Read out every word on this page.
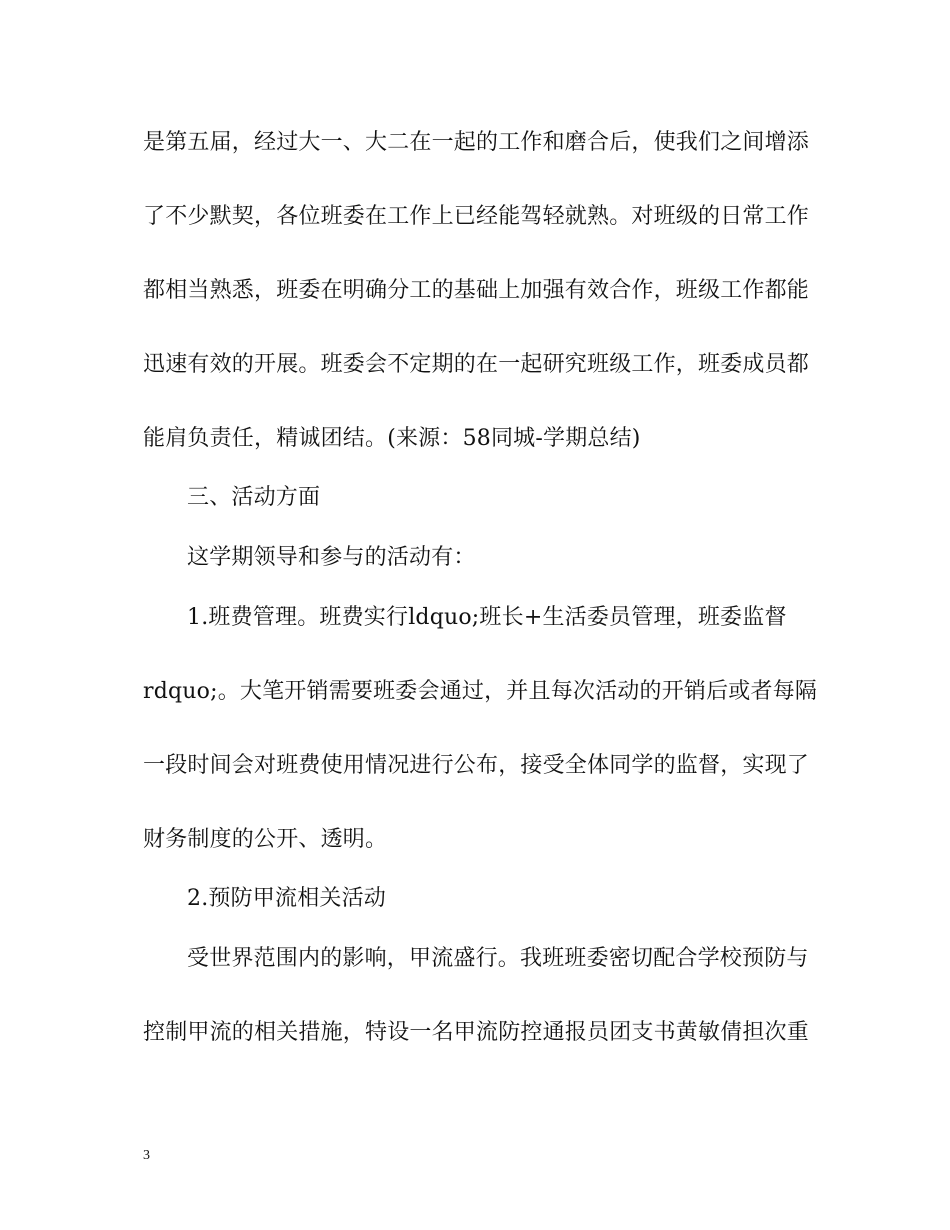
是第五届，经过大一、大二在一起的工作和磨合后，使我们之间增添
了不少默契，各位班委在工作上已经能驾轻就熟。对班级的日常工作
都相当熟悉，班委在明确分工的基础上加强有效合作，班级工作都能
迅速有效的开展。班委会不定期的在一起研究班级工作，班委成员都
能肩负责任，精诚团结。(来源：58同城-学期总结)
三、活动方面
这学期领导和参与的活动有：
1.班费管理。班费实行ldquo;班长+生活委员管理，班委监督
rdquo;。大笔开销需要班委会通过，并且每次活动的开销后或者每隔
一段时间会对班费使用情况进行公布，接受全体同学的监督，实现了
财务制度的公开、透明。
2.预防甲流相关活动
受世界范围内的影响，甲流盛行。我班班委密切配合学校预防与
控制甲流的相关措施，特设一名甲流防控通报员团支书黄敏倩担次重
3
